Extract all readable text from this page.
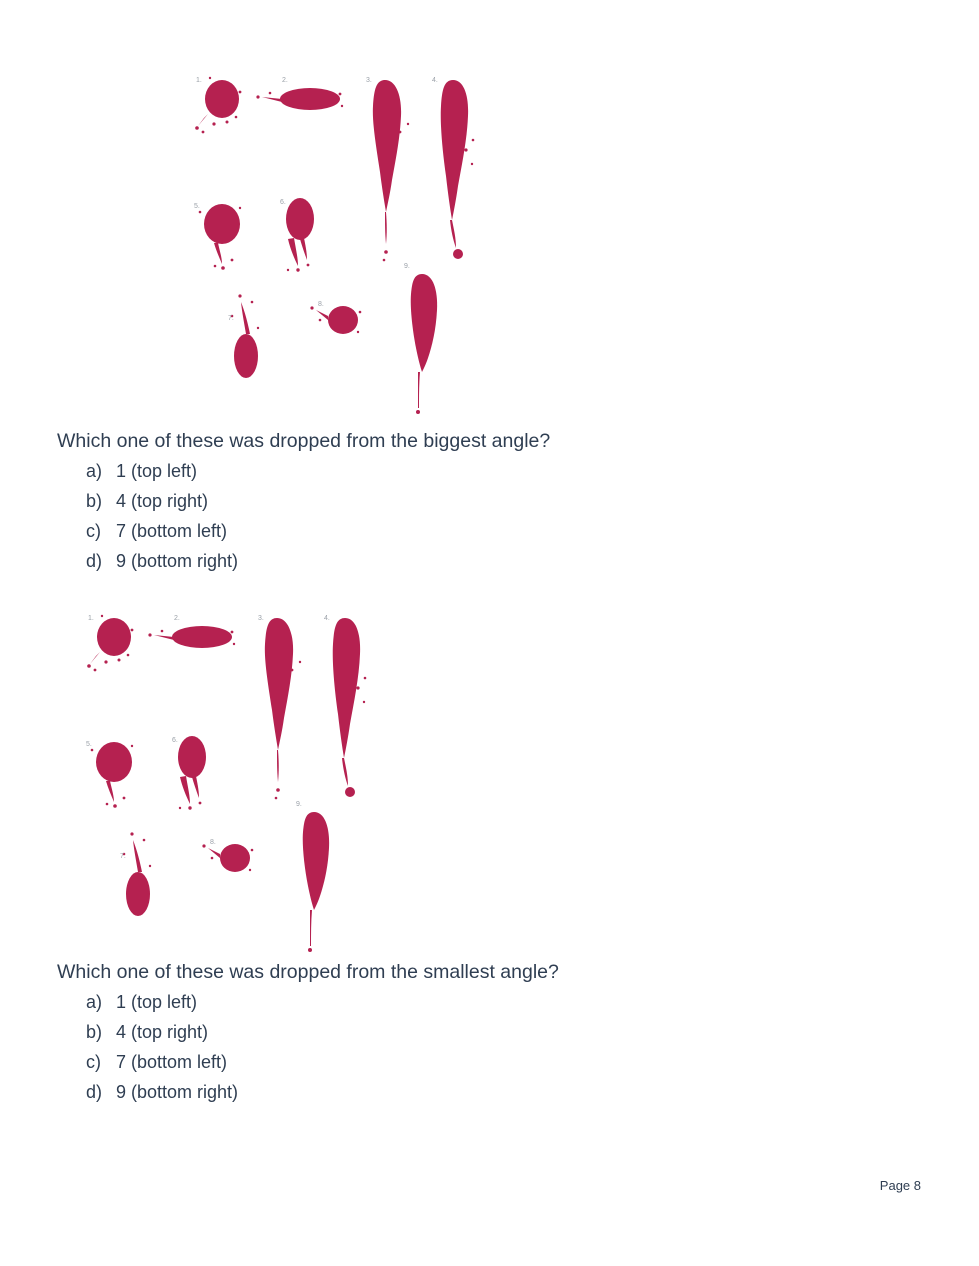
1.	2.	3.	4.
5.
6.
7.
8.
9.
Which one of these was dropped from the biggest angle?
a) 1 (top left)
b) 4 (top right)
c) 7 (bottom left)
d) 9 (bottom right)
1.	2.	3.	4.
5.
6.
7.
8.
9.
Which one of these was dropped from the smallest angle?
a) 1 (top left)
b) 4 (top right)
c) 7 (bottom left)
d) 9 (bottom right)
Page 8
